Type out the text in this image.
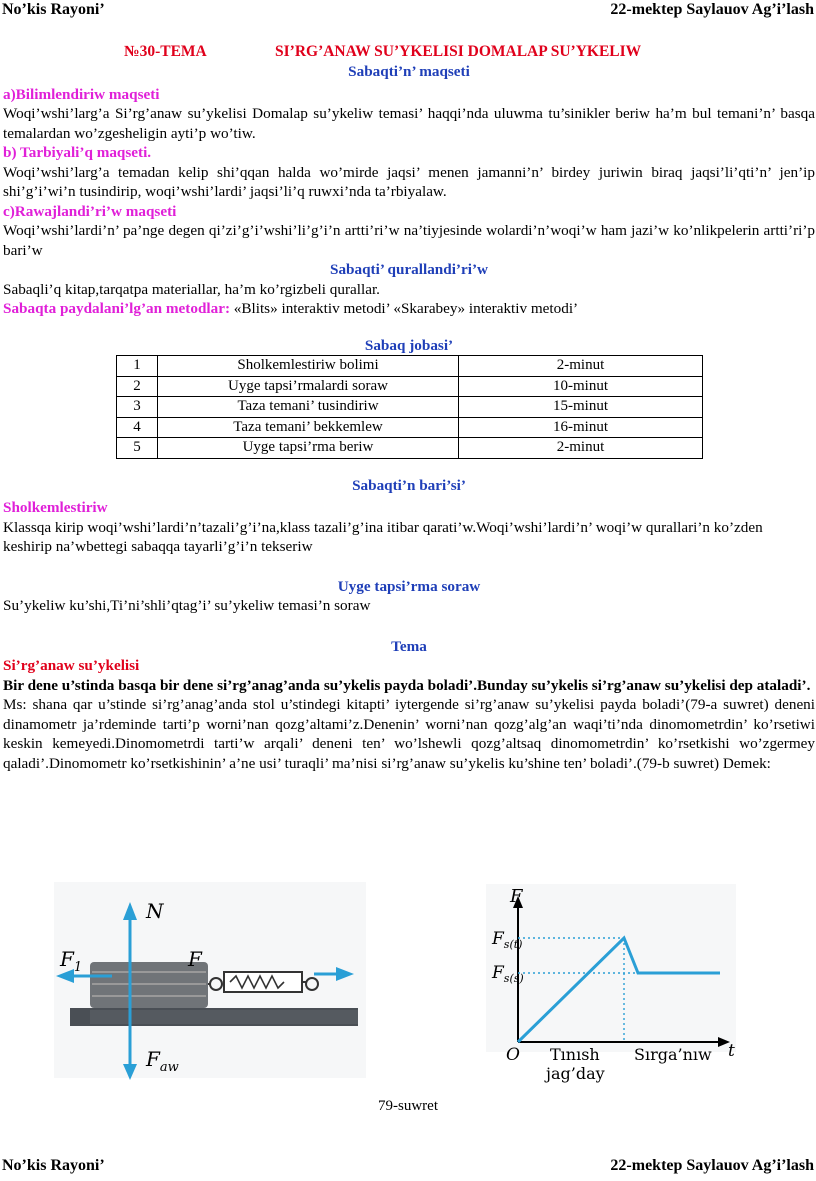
No’kis Rayoni’	22-mektep Saylauov Ag’i’lash
№30-TEMA	SI’RG’ANAW SU’YKELISI DOMALAP SU’YKELIW

Sabaqti’n’ maqseti

a)Bilimlendiriw maqseti

Woqi’wshi’larg’a Si’rg’anaw su’ykelisi Domalap su’ykeliw temasi’ haqqi’nda uluwma tu’sinikler beriw ha’m bul temani’n’ basqa temalardan wo’zgesheligin ayti’p wo’tiw.

b) Tarbiyali’q maqseti.

Woqi’wshi’larg’a temadan kelip shi’qqan halda wo’mirde jaqsi’ menen jamanni’n’ birdey juriwin biraq jaqsi’li’qti’n’ jen’ip shi’g’i’wi’n tusindirip, woqi’wshi’lardi’ jaqsi’li’q ruwxi’nda ta’rbiyalaw.

c)Rawajlandi’ri’w maqseti

Woqi’wshi’lardi’n’ pa’nge degen qi’zi’g’i’wshi’li’g’i’n artti’ri’w na’tiyjesinde wolardi’n’woqi’w ham jazi’w ko’nlikpelerin artti’ri’p bari’w

Sabaqti’ qurallandi’ri’w

Sabaqli’q kitap,tarqatpa materiallar, ha’m ko’rgizbeli qurallar.

Sabaqta paydalani’lg’an metodlar: «Blits» interaktiv metodi’ «Skarabey» interaktiv metodi’

Sabaq jobasi’

1	Sholkemlestiriw bolimi	2-minut
2	Uyge tapsi’rmalardi soraw	10-minut
3	Taza temani’ tusindiriw	15-minut
4	Taza temani’ bekkemlew	16-minut
5	Uyge tapsi’rma beriw	2-minut

Sabaqti’n bari’si’

Sholkemlestiriw

Klassqa kirip woqi’wshi’lardi’n’tazali’g’i’na,klass tazali’g’ina itibar qarati’w.Woqi’wshi’lardi’n’ woqi’w qurallari’n ko’zden keshirip na’wbettegi sabaqqa tayarli’g’i’n tekseriw

Uyge tapsi’rma soraw

Su’ykeliw ku’shi,Ti’ni’shli’qtag’i’ su’ykeliw temasi’n soraw

Tema

Si’rg’anaw su’ykelisi

Bir dene u’stinda basqa bir dene si’rg’anag’anda su’ykelis payda boladi’.Bunday su’ykelis si’rg’anaw su’ykelisi dep ataladi’.

Ms: shana qar u’stinde si’rg’anag’anda stol u’stindegi kitapti’ iytergende si’rg’anaw su’ykelisi payda boladi’(79-a suwret) deneni dinamometr ja’rdeminde tarti’p worni’nan qozg’altami’z.Denenin’ worni’nan qozg’alg’an waqi’ti’nda dinomometrdin’ ko’rsetiwi keskin kemeyedi.Dinomometrdi tarti’w arqali’ deneni ten’ wo’lshewli qozg’altsaq dinomometrdin’ ko’rsetkishi wo’zgermey qaladi’.Dinomometr ko’rsetkishinin’ a’ne usi’ turaqli’ ma’nisi si’rg’anaw su’ykelis ku’shine ten’ boladi’.(79-b suwret) Demek:

N
$F_1$	F
$F_{aw}$
F
$F_{s(t)}$
$F_{s(s)}$
O Tınısh
jag’day
Sırga’nıw t
79-suwret
No’kis Rayoni’	22-mektep Saylauov Ag’i’lash
